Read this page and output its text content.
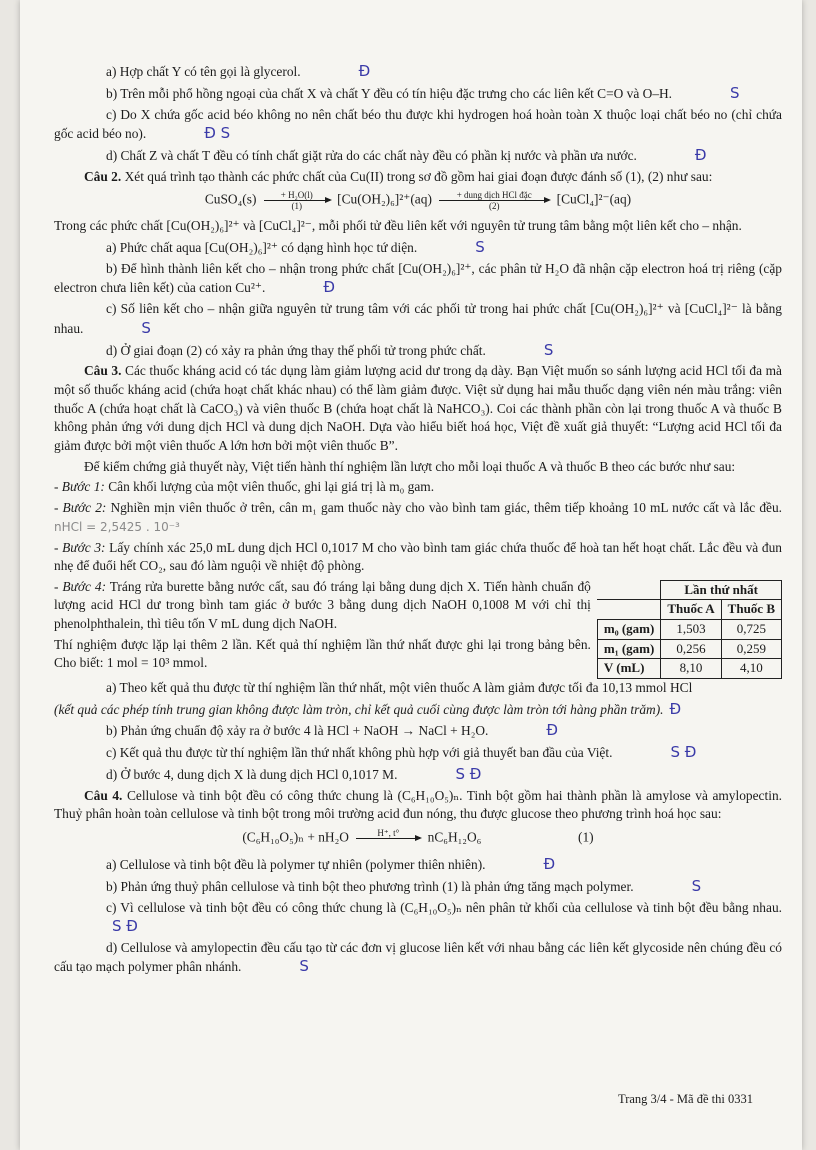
a) Hợp chất Y có tên gọi là glycerol.	Đ

b) Trên mỗi phổ hồng ngoại của chất X và chất Y đều có tín hiệu đặc trưng cho các liên kết C=O và O–H.	S

c) Do X chứa gốc acid béo không no nên chất béo thu được khi hydrogen hoá hoàn toàn X thuộc loại chất béo no (chỉ chứa gốc acid béo no).	Đ S

d) Chất Z và chất T đều có tính chất giặt rửa do các chất này đều có phần kị nước và phần ưa nước.	Đ

Câu 2. Xét quá trình tạo thành các phức chất của Cu(II) trong sơ đồ gồm hai giai đoạn được đánh số (1), (2) như sau:

CuSO₄(s) $\frac{\text{+ H₂O(l)}}{(1)} [Cu(OH_2)_6]^{2+}(aq)$	+ dung dịch HCl đặc
(2)	[CuCl₄]²⁻(aq)

Trong các phức chất [Cu(OH₂)₆]²⁺ và [CuCl₄]²⁻, mỗi phối tử đều liên kết với nguyên tử trung tâm bằng một liên kết cho – nhận.

a) Phức chất aqua [Cu(OH₂)₆]²⁺ có dạng hình học tứ diện.	S

b) Để hình thành liên kết cho – nhận trong phức chất [Cu(OH₂)₆]²⁺, các phân tử H₂O đã nhận cặp electron hoá trị riêng (cặp electron chưa liên kết) của cation Cu²⁺.	Đ

c) Số liên kết cho – nhận giữa nguyên tử trung tâm với các phối tử trong hai phức chất [Cu(OH₂)₆]²⁺ và [CuCl₄]²⁻ là bằng nhau.	S

d) Ở giai đoạn (2) có xảy ra phản ứng thay thế phối tử trong phức chất.	S

Câu 3. Các thuốc kháng acid có tác dụng làm giảm lượng acid dư trong dạ dày. Bạn Việt muốn so sánh lượng acid HCl tối đa mà một số thuốc kháng acid (chứa hoạt chất khác nhau) có thể làm giảm được. Việt sử dụng hai mẫu thuốc dạng viên nén màu trắng: viên thuốc A (chứa hoạt chất là CaCO₃) và viên thuốc B (chứa hoạt chất là NaHCO₃). Coi các thành phần còn lại trong thuốc A và thuốc B không phản ứng với dung dịch HCl và dung dịch NaOH. Dựa vào hiểu biết hoá học, Việt đề xuất giả thuyết: “Lượng acid HCl tối đa giảm được bởi một viên thuốc A lớn hơn bởi một viên thuốc B”.

Để kiểm chứng giả thuyết này, Việt tiến hành thí nghiệm lần lượt cho mỗi loại thuốc A và thuốc B theo các bước như sau:

- Bước 1: Cân khối lượng của một viên thuốc, ghi lại giá trị là m₀ gam.

- Bước 2: Nghiền mịn viên thuốc ở trên, cân m₁ gam thuốc này cho vào bình tam giác, thêm tiếp khoảng 10 mL nước cất và lắc đều. nHCl = 2,5425 . 10⁻³

- Bước 3: Lấy chính xác 25,0 mL dung dịch HCl 0,1017 M cho vào bình tam giác chứa thuốc để hoà tan hết hoạt chất. Lắc đều và đun nhẹ để đuổi hết CO₂, sau đó làm nguội về nhiệt độ phòng.

- Bước 4: Tráng rửa burette bằng nước cất, sau đó tráng lại bằng dung dịch X. Tiến hành chuẩn độ lượng acid HCl dư trong bình tam giác ở bước 3 bằng dung dịch NaOH 0,1008 M với chỉ thị phenolphthalein, thì tiêu tốn V mL dung dịch NaOH.

Thí nghiệm được lặp lại thêm 2 lần. Kết quả thí nghiệm lần thứ nhất được ghi lại trong bảng bên. Cho biết: 1 mol = 10³ mmol.

	Lần thứ nhất	
	Thuốc A	Thuốc B
m₀ (gam)	1,503	0,725
m₁ (gam)	0,256	0,259
V (mL)	8,10	4,10

a) Theo kết quả thu được từ thí nghiệm lần thứ nhất, một viên thuốc A làm giảm được tối đa 10,13 mmol HCl

(kết quả các phép tính trung gian không được làm tròn, chỉ kết quả cuối cùng được làm tròn tới hàng phần trăm). Đ

b) Phản ứng chuẩn độ xảy ra ở bước 4 là HCl + NaOH → NaCl + H₂O.	Đ

c) Kết quả thu được từ thí nghiệm lần thứ nhất không phù hợp với giả thuyết ban đầu của Việt.	S Đ

d) Ở bước 4, dung dịch X là dung dịch HCl 0,1017 M.	S Đ

Câu 4. Cellulose và tinh bột đều có công thức chung là (C₆H₁₀O₅)ₙ. Tinh bột gồm hai thành phần là amylose và amylopectin. Thuỷ phân hoàn toàn cellulose và tinh bột trong môi trường acid đun nóng, thu được glucose theo phương trình hoá học sau:

(C₆H₁₀O₅)ₙ + nH₂O	H⁺, t°
	nC₆H₁₂O₆	(1)

a) Cellulose và tinh bột đều là polymer tự nhiên (polymer thiên nhiên).	Đ

b) Phản ứng thuỷ phân cellulose và tinh bột theo phương trình (1) là phản ứng tăng mạch polymer.	S

c) Vì cellulose và tinh bột đều có công thức chung là (C₆H₁₀O₅)ₙ nên phân tử khối của cellulose và tinh bột đều bằng nhau.S Đ

d) Cellulose và amylopectin đều cấu tạo từ các đơn vị glucose liên kết với nhau bằng các liên kết glycoside nên chúng đều có cấu tạo mạch polymer phân nhánh.	S

Trang 3/4 - Mã đề thi 0331
